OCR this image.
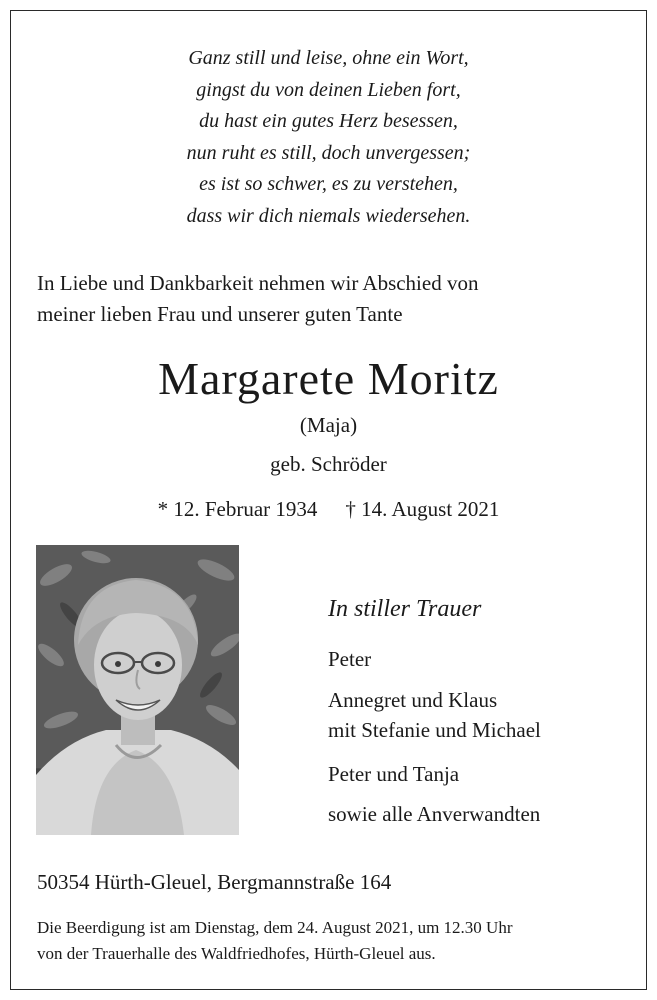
Ganz still und leise, ohne ein Wort,
gingst du von deinen Lieben fort,
du hast ein gutes Herz besessen,
nun ruht es still, doch unvergessen;
es ist so schwer, es zu verstehen,
dass wir dich niemals wiedersehen.
In Liebe und Dankbarkeit nehmen wir Abschied von
meiner lieben Frau und unserer guten Tante
Margarete Moritz
(Maja)
geb. Schröder
* 12. Februar 1934 † 14. August 2021
In stiller Trauer
Peter
Annegret und Klaus
mit Stefanie und Michael
Peter und Tanja
sowie alle Anverwandten
50354 Hürth-Gleuel, Bergmannstraße 164
Die Beerdigung ist am Dienstag, dem 24. August 2021, um 12.30 Uhr
von der Trauerhalle des Waldfriedhofes, Hürth-Gleuel aus.
